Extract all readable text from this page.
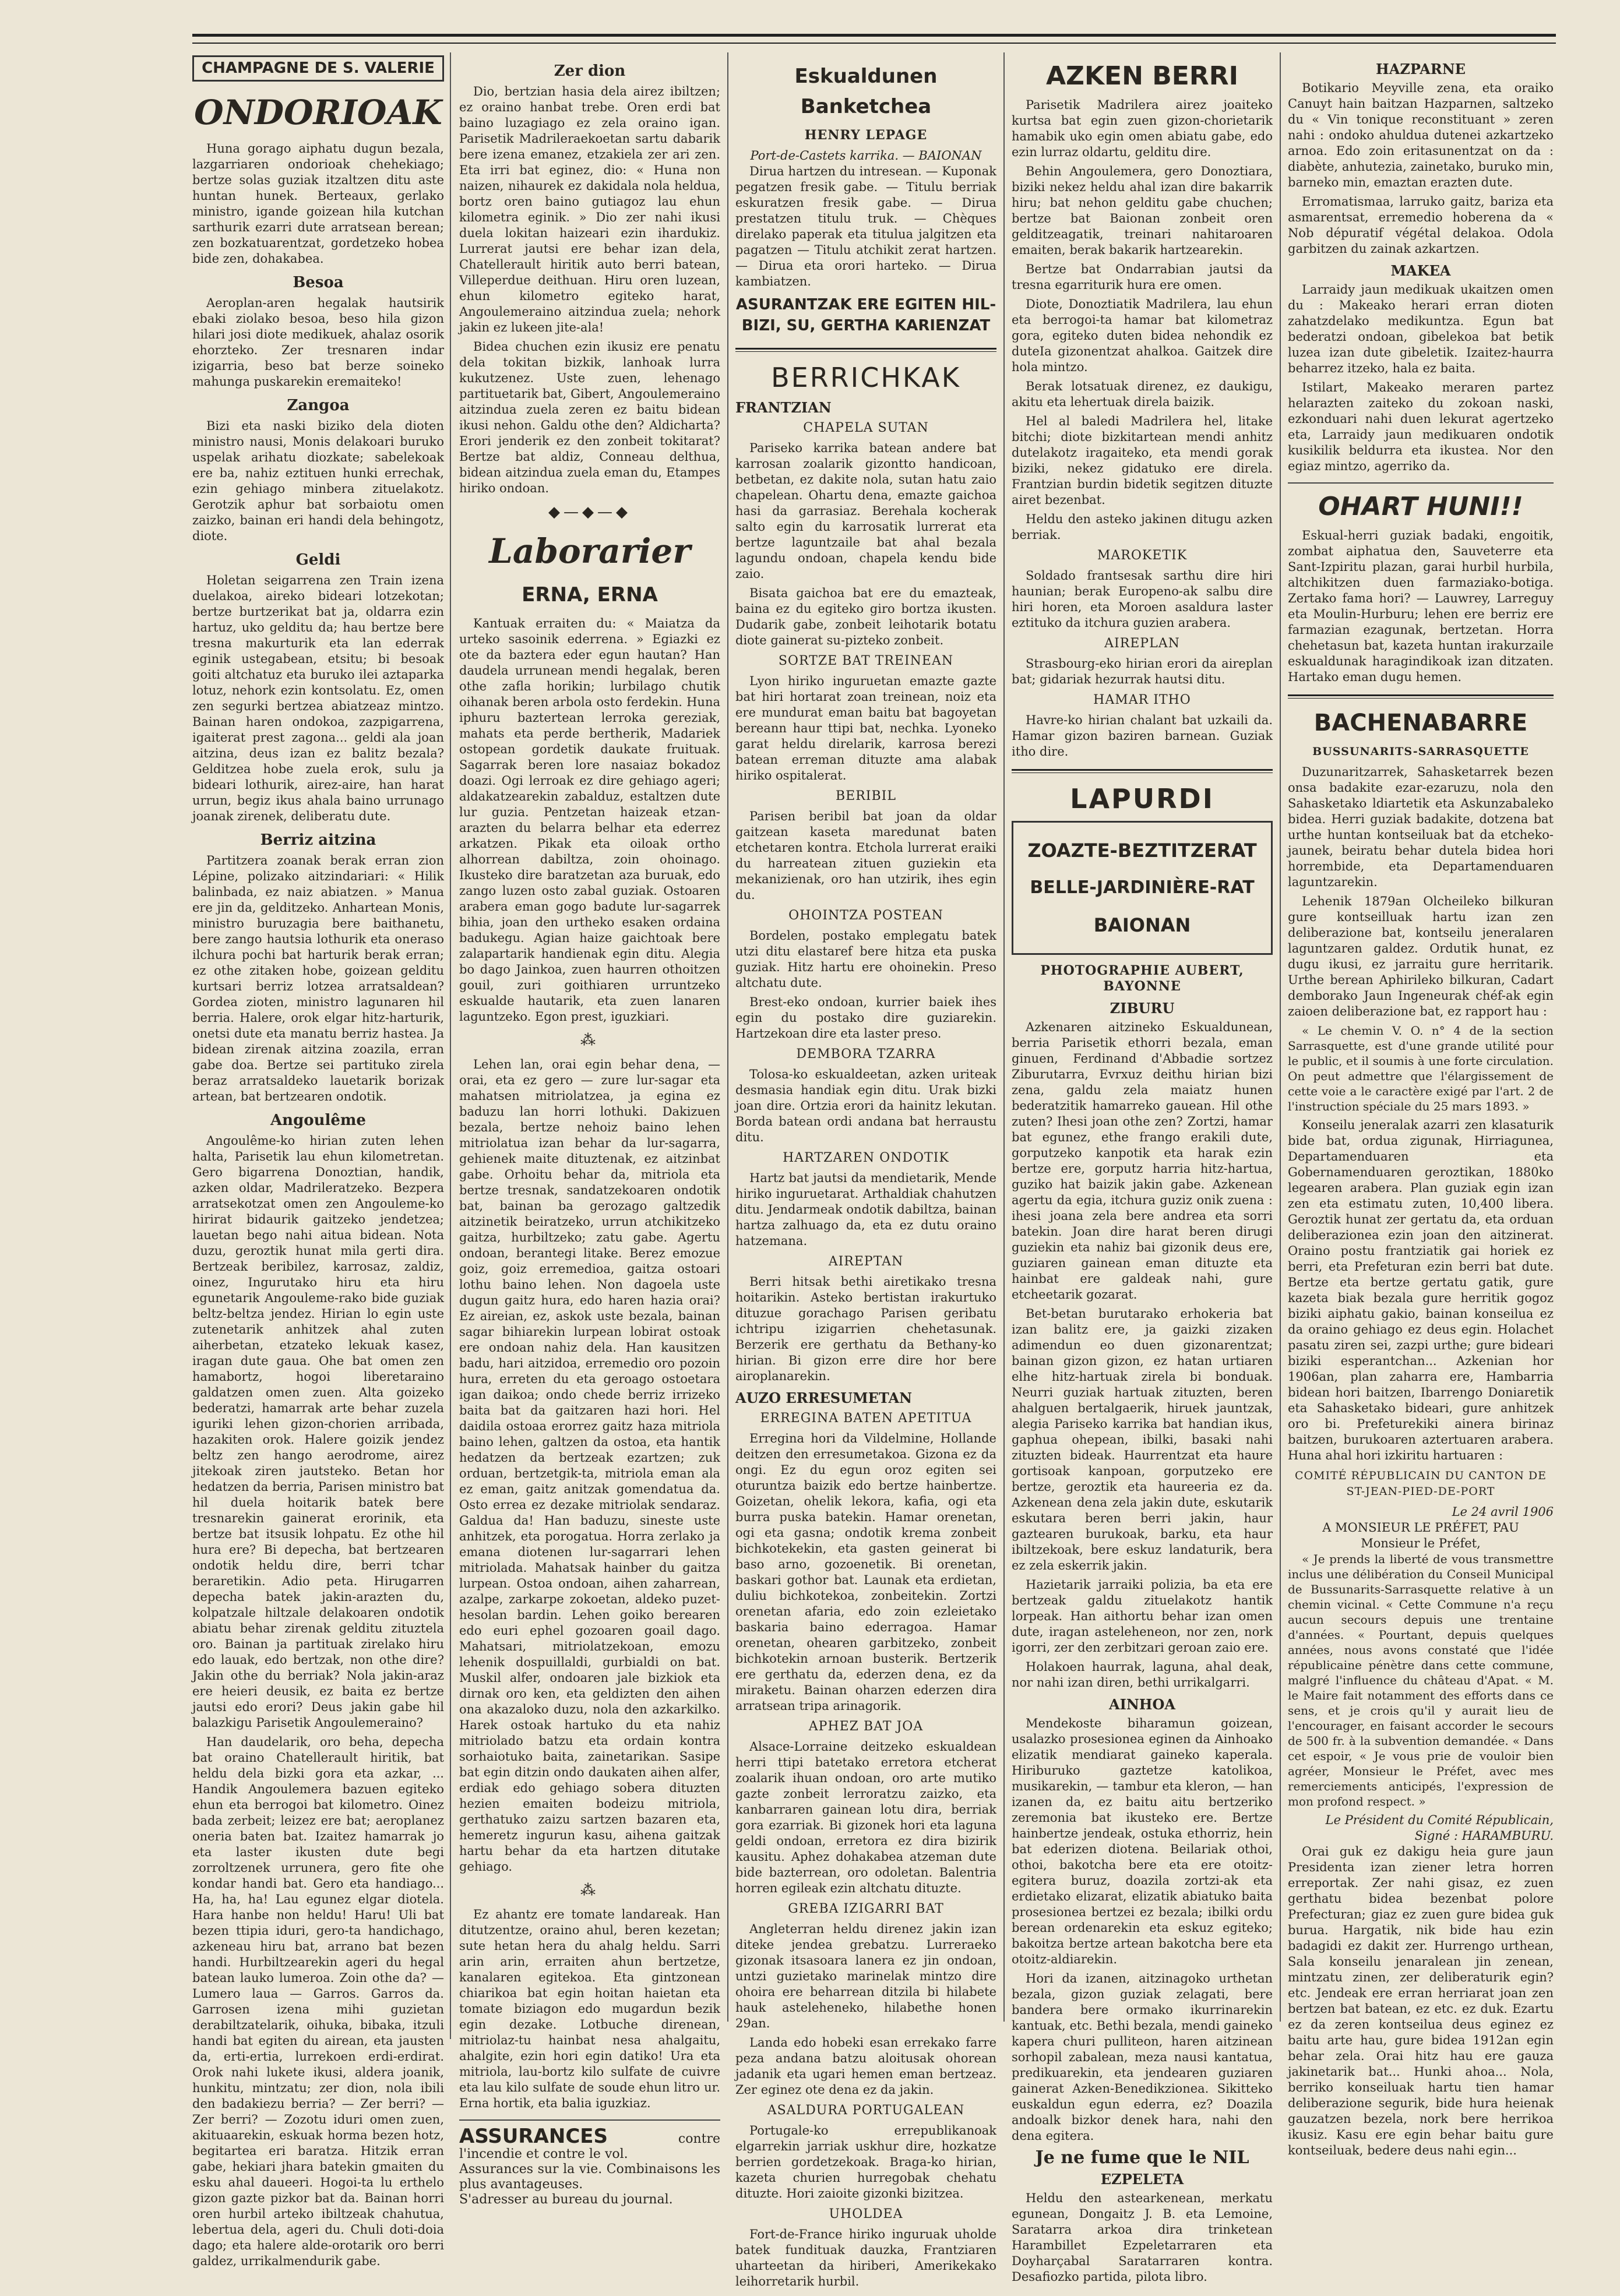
CHAMPAGNE DE S. VALERIE
ONDORIOAK

Huna gorago aiphatu dugun bezala, lazgarriaren ondorioak chehekiago; bertze solas guziak itzaltzen ditu aste huntan hunek. Berteaux, gerlako ministro, igande goizean hila kutchan sarthurik ezarri dute arratsean berean; zen bozkatuarentzat, gordetzeko hobea bide zen, dohakabea.

Besoa

Aeroplan-aren hegalak hautsirik ebaki ziolako besoa, beso hila gizon hilari josi diote medikuek, ahalaz osorik ehorzteko. Zer tresnaren indar izigarria, beso bat berze soineko mahunga puskarekin eremaiteko!

Zangoa

Bizi eta naski biziko dela dioten ministro nausi, Monis delakoari buruko uspelak arihatu diozkate; sabelekoak ere ba, nahiz eztituen hunki errechak, ezin gehiago minbera zituelakotz. Gerotzik aphur bat sorbaiotu omen zaizko, bainan eri handi dela behingotz, diote.

Geldi

Holetan seigarrena zen Train izena duelakoa, aireko bideari lotzekotan; bertze burtzerikat bat ja, oldarra ezin hartuz, uko gelditu da; hau bertze bere tresna makurturik eta lan ederrak eginik ustegabean, etsitu; bi besoak goiti altchatuz eta buruko ilei aztaparka lotuz, nehork ezin kontsolatu. Ez, omen zen segurki bertzea abiatzeaz mintzo. Bainan haren ondokoa, zazpigarrena, igaiterat prest zagona... geldi ala joan aitzina, deus izan ez balitz bezala? Gelditzea hobe zuela erok, sulu ja bideari lothurik, airez-aire, han harat urrun, begiz ikus ahala baino urrunago joanak zirenek, deliberatu dute.

Berriz aitzina

Partitzera zoanak berak erran zion Lépine, polizako aitzindariari: « Hilik balinbada, ez naiz abiatzen. » Manua ere jin da, gelditzeko. Anhartean Monis, ministro buruzagia bere baithanetu, bere zango hautsia lothurik eta oneraso ilchura pochi bat harturik berak erran; ez othe zitaken hobe, goizean gelditu kurtsari berriz lotzea arratsaldean? Gordea zioten, ministro lagunaren hil berria. Halere, orok elgar hitz-harturik, onetsi dute eta manatu berriz hastea. Ja bidean zirenak aitzina zoazila, erran gabe doa. Bertze sei partituko zirela beraz arratsaldeko lauetarik borizak artean, bat bertzearen ondotik.

Angoulême

Angoulême-ko hirian zuten lehen halta, Parisetik lau ehun kilometretan. Gero bigarrena Donoztian, handik, azken oldar, Madrileratzeko. Bezpera arratsekotzat omen zen Angouleme-ko hirirat bidaurik gaitzeko jendetzea; lauetan bego nahi aitua bidean. Nota duzu, geroztik hunat mila gerti dira. Bertzeak beribilez, karrosaz, zaldiz, oinez, Ingurutako hiru eta hiru egunetarik Angouleme-rako bide guziak beltz-beltza jendez. Hirian lo egin uste zutenetarik anhitzek ahal zuten aiherbetan, etzateko lekuak kasez, iragan dute gaua. Ohe bat omen zen hamabortz, hogoi liberetaraino galdatzen omen zuen. Alta goizeko bederatzi, hamarrak arte behar zuzela iguriki lehen gizon-chorien arribada, hazakiten orok. Halere goizik jendez beltz zen hango aerodrome, airez jitekoak ziren jautsteko. Betan hor hedatzen da berria, Parisen ministro bat hil duela hoitarik batek bere tresnarekin gainerat erorinik, eta bertze bat itsusik lohpatu. Ez othe hil hura ere? Bi depecha, bat bertzearen ondotik heldu dire, berri tchar beraretikin. Adio peta. Hirugarren depecha batek jakin-arazten du, kolpatzale hiltzale delakoaren ondotik abiatu behar zirenak gelditu zituztela oro. Bainan ja partituak zirelako hiru edo lauak, edo bertzak, non othe dire? Jakin othe du berriak? Nola jakin-araz ere heieri deusik, ez baita ez bertze jautsi edo erori? Deus jakin gabe hil balazkigu Parisetik Angoulemeraino?

Han daudelarik, oro beha, depecha bat oraino Chatellerault hiritik, bat heldu dela bizki gora eta azkar, ... Handik Angoulemera bazuen egiteko ehun eta berrogoi bat kilometro. Oinez bada zerbeit; leizez ere bat; aeroplanez oneria baten bat. Izaitez hamarrak jo eta laster ikusten dute begi zorroltzenek urrunera, gero fite ohe kondar handi bat. Gero eta handiago... Ha, ha, ha! Lau egunez elgar diotela. Hara hanbe non heldu! Haru! Uli bat bezen ttipia iduri, gero-ta handichago, azkeneau hiru bat, arrano bat bezen handi. Hurbiltzearekin ageri du hegal batean lauko lumeroa. Zoin othe da? — Lumero laua — Garros. Garros da. Garrosen izena mihi guzietan derabiltzatelarik, oihuka, bibaka, itzuli handi bat egiten du airean, eta jausten da, erti-ertia, lurrekoen erdi-erdirat. Orok nahi lukete ikusi, aldera joanik, hunkitu, mintzatu; zer dion, nola ibili den badakiezu berria? — Zer berri? — Zer berri? — Zozotu iduri omen zuen, akituaarekin, eskuak horma bezen hotz, begitartea eri baratza. Hitzik erran gabe, hekiari jhara batekin gmaiten du esku ahal daueeri. Hogoi-ta lu erthelo gizon gazte pizkor bat da. Bainan horri oren hurbil arteko ibiltzeak chahutua, lebertua dela, ageri du. Chuli doti-doia dago; eta halere alde-orotarik oro berri galdez, urrikalmendurik gabe.

Zer dion

Dio, bertzian hasia dela airez ibiltzen; ez oraino hanbat trebe. Oren erdi bat baino luzagiago ez zela oraino igan. Parisetik Madrileraekoetan sartu dabarik bere izena emanez, etzakiela zer ari zen. Eta irri bat eginez, dio: « Huna non naizen, nihaurek ez dakidala nola heldua, bortz oren baino gutiagoz lau ehun kilometra eginik. » Dio zer nahi ikusi duela lokitan haizeari ezin ihardukiz. Lurrerat jautsi ere behar izan dela, Chatellerault hiritik auto berri batean, Villeperdue deithuan. Hiru oren luzean, ehun kilometro egiteko harat, Angoulemeraino aitzindua zuela; nehork jakin ez lukeen jite-ala!

Bidea chuchen ezin ikusiz ere penatu dela tokitan bizkik, lanhoak lurra kukutzenez. Uste zuen, lehenago partituetarik bat, Gibert, Angoulemeraino aitzindua zuela zeren ez baitu bidean ikusi nehon. Galdu othe den? Aldicharta? Erori jenderik ez den zonbeit tokitarat? Bertze bat aldiz, Conneau delthua, bidean aitzindua zuela eman du, Etampes hiriko ondoan.

◆—◆—◆
Laborarier
ERNA, ERNA

Kantuak erraiten du: « Maiatza da urteko sasoinik ederrena. » Egiazki ez ote da baztera eder egun hautan? Han daudela urrunean mendi hegalak, beren othe zafla horikin; lurbilago chutik oihanak beren arbola osto ferdekin. Huna iphuru baztertean lerroka gereziak, mahats eta perde bertherik, Madariek ostopean gordetik daukate fruituak. Sagarrak beren lore nasaiaz bokadoz doazi. Ogi lerroak ez dire gehiago ageri; aldakatzearekin zabalduz, estaltzen dute lur guzia. Pentzetan haizeak etzan-arazten du belarra belhar eta ederrez arkatzen. Pikak eta oiloak ortho alhorrean dabiltza, zoin ohoinago. Ikusteko dire baratzetan aza buruak, edo zango luzen osto zabal guziak. Ostoaren arabera eman gogo badute lur-sagarrek bihia, joan den urtheko esaken ordaina badukegu. Agian haize gaichtoak bere zalapartarik handienak egin ditu. Alegia bo dago Jainkoa, zuen haurren othoitzen gouil, zuri goithiaren urruntzeko eskualde hautarik, eta zuen lanaren laguntzeko. Egon prest, iguzkiari.

⁂

Lehen lan, orai egin behar dena, — orai, eta ez gero — zure lur-sagar eta mahatsen mitriolatzea, ja egina ez baduzu lan horri lothuki. Dakizuen bezala, bertze nehoiz baino lehen mitriolatua izan behar da lur-sagarra, gehienek maite dituztenak, ez aitzinbat gabe. Orhoitu behar da, mitriola eta bertze tresnak, sandatzekoaren ondotik bat, bainan ba gerozago galtzedik aitzinetik beiratzeko, urrun atchikitzeko gaitza, hurbiltzeko; zatu gabe. Agertu ondoan, berantegi litake. Berez emozue goiz, goiz erremedioa, gaitza ostoari lothu baino lehen. Non dagoela uste dugun gaitz hura, edo haren hazia orai? Ez aireian, ez, askok uste bezala, bainan sagar bihiarekin lurpean lobirat ostoak ere ondoan nahiz dela. Han kausitzen badu, hari aitzidoa, erremedio oro pozoin hura, erreten du eta geroago ostoetara igan daikoa; ondo chede berriz irrizeko baita bat da gaitzaren hazi hori. Hel daidila ostoaa erorrez gaitz haza mitriola baino lehen, galtzen da ostoa, eta hantik hedatzen da bertzeak ezartzen; zuk orduan, bertzetgik-ta, mitriola eman ala ez eman, gaitz anitzak gomendatua da. Osto errea ez dezake mitriolak sendaraz. Galdua da! Han baduzu, sineste uste anhitzek, eta porogatua. Horra zerlako ja emana diotenen lur-sagarrari lehen mitriolada. Mahatsak hainber du gaitza lurpean. Ostoa ondoan, aihen zaharrean, azalpe, zarkarpe zokoetan, aldeko puzet-hesolan bardin. Lehen goiko berearen edo euri ephel gozoaren goail dago. Mahatsari, mitriolatzekoan, emozu lehenik dospuillaldi, gurbialdi on bat. Muskil alfer, ondoaren jale bizkiok eta dirnak oro ken, eta geldizten den aihen ona akazaloko duzu, nola den azkarkilko. Harek ostoak hartuko du eta nahiz mitriolado batzu eta ordain kontra sorhaiotuko baita, zainetarikan. Sasipe bat egin ditzin ondo daukaten aihen alfer, erdiak edo gehiago sobera dituzten hezien emaiten bodeizu mitriola, gerthatuko zaizu sartzen bazaren eta, hemeretz ingurun kasu, aihena gaitzak hartu behar da eta hartzen ditutake gehiago.

⁂

Ez ahantz ere tomate landareak. Han ditutzentze, oraino ahul, beren kezetan; sute hetan hera du ahalg heldu. Sarri arin arin, erraiten ahun bertzetze, kanalaren egitekoa. Eta gintzonean chiarikoa bat egin hoitan haietan eta tomate biziagon edo mugardun bezik egin dezake. Lotbuche direnean, mitriolaz-tu hainbat nesa ahalgaitu, ahalgite, ezin hori egin datiko! Ura eta mitriola, lau-bortz kilo sulfate de cuivre eta lau kilo sulfate de soude ehun litro ur. Erna hortik, eta balia iguzkiaz.

ASSURANCES	contre l'incendie et contre le vol.
Assurances sur la vie. Combinaisons les plus avantageuses.
S'adresser au bureau du journal.
Eskualdunen Banketchea
HENRY LEPAGE
Port-de-Castets karrika. — BAIONAN

Dirua hartzen du intresean. — Kuponak pegatzen fresik gabe. — Titulu berriak eskuratzen fresik gabe. — Dirua prestatzen titulu truk. — Chèques direlako paperak eta titulua jalgitzen eta pagatzen — Titulu atchikit zerat hartzen. — Dirua eta orori harteko. — Dirua kambiatzen.

ASURANTZAK ERE EGITEN HIL-BIZI, SU, GERTHA KARIENZAT
BERRICHKAK
FRANTZIAN
CHAPELA SUTAN

Pariseko karrika batean andere bat karrosan zoalarik gizontto handicoan, betbetan, ez dakite nola, sutan hatu zaio chapelean. Ohartu dena, emazte gaichoa hasi da garrasiaz. Berehala kocherak salto egin du karrosatik lurrerat eta bertze laguntzaile bat ahal bezala lagundu ondoan, chapela kendu bide zaio.

Bisata gaichoa bat ere du emazteak, baina ez du egiteko giro bortza ikusten. Dudarik gabe, zonbeit leihotarik botatu diote gainerat su-pizteko zonbeit.

SORTZE BAT TREINEAN

Lyon hiriko inguruetan emazte gazte bat hiri hortarat zoan treinean, noiz eta ere mundurat eman baitu bat bagoyetan bereann haur ttipi bat, nechka. Lyoneko garat heldu direlarik, karrosa berezi batean erreman dituzte ama alabak hiriko ospitalerat.

BERIBIL

Parisen beribil bat joan da oldar gaitzean kaseta maredunat baten etchetaren kontra. Etchola lurrerat eraiki du harreatean zituen guziekin eta mekanizienak, oro han utzirik, ihes egin du.

OHOINTZA POSTEAN

Bordelen, postako emplegatu batek utzi ditu elastaref bere hitza eta puska guziak. Hitz hartu ere ohoinekin. Preso altchatu dute.

Brest-eko ondoan, kurrier baiek ihes egin du postako dire guziarekin. Hartzekoan dire eta laster preso.

DEMBORA TZARRA

Tolosa-ko eskualdeetan, azken uriteak desmasia handiak egin ditu. Urak bizki joan dire. Ortzia erori da hainitz lekutan. Borda batean ordi andana bat herraustu ditu.

HARTZAREN ONDOTIK

Hartz bat jautsi da mendietarik, Mende hiriko inguruetarat. Arthaldiak chahutzen ditu. Jendarmeak ondotik dabiltza, bainan hartza zalhuago da, eta ez dutu oraino hatzemana.

AIREPTAN

Berri hitsak bethi airetikako tresna hoitarikin. Asteko bertistan irakurtuko dituzue gorachago Parisen geribatu ichtripu izigarrien chehetasunak. Berzerik ere gerthatu da Bethany-ko hirian. Bi gizon erre dire hor bere airoplanarekin.

AUZO ERRESUMETAN
ERREGINA BATEN APETITUA

Erregina hori da Vildelmine, Hollande deitzen den erresumetakoa. Gizona ez da ongi. Ez du egun oroz egiten sei oturuntza baizik edo bertze hainbertze. Goizetan, ohelik lekora, kafia, ogi eta burra puska batekin. Hamar orenetan, ogi eta gasna; ondotik krema zonbeit bichkotekekin, eta gasten geinerat bi baso arno, gozoenetik. Bi orenetan, baskari gothor bat. Launak eta erdietan, duliu bichkotekoa, zonbeitekin. Zortzi orenetan afaria, edo zoin ezleietako baskaria baino ederragoa. Hamar orenetan, ohearen garbitzeko, zonbeit bichkotekin arnoan busterik. Bertzerik ere gerthatu da, ederzen dena, ez da miraketu. Bainan oharzen ederzen dira arratsean tripa arinagorik.

APHEZ BAT JOA

Alsace-Lorraine deitzeko eskualdean herri ttipi batetako erretora etcherat zoalarik ihuan ondoan, oro arte mutiko gazte zonbeit lerroratzu zaizko, eta kanbarraren gainean lotu dira, berriak gora ezarriak. Bi gizonek hori eta laguna geldi ondoan, erretora ez dira bizirik kausitu. Aphez dohakabea atzeman dute bide bazterrean, oro odoletan. Balentria horren egileak ezin altchatu dituzte.

GREBA IZIGARRI BAT

Angleterran heldu direnez jakin izan diteke jendea grebatzu. Lurreraeko gizonak itsasoara lanera ez jin ondoan, untzi guzietako marinelak mintzo dire ohoira ere beharrean ditzila bi hilabete hauk asteleheneko, hilabethe honen 29an.

Landa edo hobeki esan errekako farre peza andana batzu aloitusak ohorean jadanik eta ugari hemen eman bertzeaz. Zer eginez ote dena ez da jakin.

ASALDURA PORTUGALEAN

Portugale-ko errepublikanoak elgarrekin jarriak uskhur dire, hozkatze berrien gordetzekoak. Braga-ko hirian, kazeta churien hurregobak chehatu dituzte. Hori zaioite gizonki bizitzea.

UHOLDEA

Fort-de-France hiriko inguruak uholde batek fundituak dauzka, Frantziaren uharteetan da hiriberi, Amerikekako leihorretarik hurbil.

AZKEN BERRI

Parisetik Madrilera airez joaiteko kurtsa bat egin zuen gizon-chorietarik hamabik uko egin omen abiatu gabe, edo ezin lurraz oldartu, gelditu dire.

Behin Angoulemera, gero Donoztiara, biziki nekez heldu ahal izan dire bakarrik hiru; bat nehon gelditu gabe chuchen; bertze bat Baionan zonbeit oren gelditzeagatik, treinari nahitaroaren emaiten, berak bakarik hartzearekin.

Bertze bat Ondarrabian jautsi da tresna egarriturik hura ere omen.

Diote, Donoztiatik Madrilera, lau ehun eta berrogoi-ta hamar bat kilometraz gora, egiteko duten bidea nehondik ez duteIa gizonentzat ahalkoa. Gaitzek dire hola mintzo.

Berak lotsatuak direnez, ez daukigu, akitu eta lehertuak direla baizik.

Hel al baledi Madrilera hel, litake bitchi; diote bizkitartean mendi anhitz dutelakotz iragaiteko, eta mendi gorak biziki, nekez gidatuko ere direla. Frantzian burdin bidetik segitzen dituzte airet bezenbat.

Heldu den asteko jakinen ditugu azken berriak.

MAROKETIK

Soldado frantsesak sarthu dire hiri haunian; berak Europeno-ak salbu dire hiri horen, eta Moroen asaldura laster eztituko da itchura guzien arabera.

AIREPLAN

Strasbourg-eko hirian erori da aireplan bat; gidariak hezurrak hautsi ditu.

HAMAR ITHO

Havre-ko hirian chalant bat uzkaili da. Hamar gizon baziren barnean. Guziak itho dire.

LAPURDI
ZOAZTE-BEZTITZERAT
BELLE-JARDINIÈRE-RAT
BAIONAN
PHOTOGRAPHIE AUBERT, BAYONNE
ZIBURU

Azkenaren aitzineko Eskualdunean, berria Parisetik ethorri bezala, eman ginuen, Ferdinand d'Abbadie sortzez Ziburutarra, Evrxuz deithu hirian bizi zena, galdu zela maiatz hunen bederatzitik hamarreko gauean. Hil othe zuten? Ihesi joan othe zen? Zortzi, hamar bat egunez, ethe frango erakili dute, gorputzeko kanpotik eta harak ezin bertze ere, gorputz harria hitz-hartua, guziko hat baizik jakin gabe. Azkenean agertu da egia, itchura guziz onik zuena : ihesi joana zela bere andrea eta sorri batekin. Joan dire harat beren dirugi guziekin eta nahiz bai gizonik deus ere, guziaren gainean eman dituzte eta hainbat ere galdeak nahi, gure etcheetarik gozarat.

Bet-betan burutarako erhokeria bat izan balitz ere, ja gaizki zizaken adimendun eo duen gizonarentzat; bainan gizon gizon, ez hatan urtiaren elhe hitz-hartuak zirela bi bonduak. Neurri guziak hartuak zituzten, beren ahalguen bertalgaerik, hiruek jauntzak, alegia Pariseko karrika bat handian ikus, gaphua ohepean, ibilki, basaki nahi zituzten bideak. Haurrentzat eta haure gortisoak kanpoan, gorputzeko ere bertze, geroztik eta haureeria ez da. Azkenean dena zela jakin dute, eskutarik eskutara beren berri jakin, haur gaztearen burukoak, barku, eta haur ibiltzekoak, bere eskuz landaturik, bera ez zela eskerrik jakin.

Hazietarik jarraiki polizia, ba eta ere bertzeak galdu zituelakotz hantik lorpeak. Han aithortu behar izan omen dute, iragan asteleheneon, nor zen, nork igorri, zer den zerbitzari geroan zaio ere.

Holakoen haurrak, laguna, ahal deak, nor nahi izan diren, bethi urrikalgarri.

AINHOA

Mendekoste biharamun goizean, usalazko prosesionea eginen da Ainhoako elizatik mendiarat gaineko kaperala. Hiriburuko gaztetze katolikoa, musikarekin, — tambur eta kleron, — han izanen da, ez baitu aitu bertzeriko zeremonia bat ikusteko ere. Bertze hainbertze jendeak, ostuka ethorriz, hein bat ederizen diotena. Beilariak othoi, othoi, bakotcha bere eta ere otoitz-egitera buruz, doazila zortzi-ak eta erdietako elizarat, elizatik abiatuko baita prosesionea bertzei ez bezala; ibilki ordu berean ordenarekin eta eskuz egiteko; bakoitza bertze artean bakotcha bere eta otoitz-aldiarekin.

Hori da izanen, aitzinagoko urthetan bezala, gizon guziak zelagati, bere bandera bere ormako ikurrinarekin kantuak, etc. Bethi bezala, mendi gaineko kapera churi pulliteon, haren aitzinean sorhopil zabalean, meza nausi kantatua, predikuarekin, eta jendearen guziaren gainerat Azken-Benedikzionea. Sikitteko euskaldun egun ederra, ez? Doazila andoalk bizkor denek hara, nahi den dena egitera.

Je ne fume que le NIL
EZPELETA

Heldu den astearkenean, merkatu egunean, Dongaitz J. B. eta Lemoine, Saratarra arkoa dira trinketean Harambillet Ezpeletarraren eta Doyharçabal Saratarraren kontra. Desafiozko partida, pilota libro.

HAZPARNE

Botikario Meyville zena, eta oraiko Canuyt hain baitzan Hazparnen, saltzeko du « Vin tonique reconstituant » zeren nahi : ondoko ahuldua dutenei azkartzeko arnoa. Edo zoin eritasunentzat on da : diabète, anhutezia, zainetako, buruko min, barneko min, emaztan erazten dute.

Erromatismaa, larruko gaitz, bariza eta asmarentsat, erremedio hoberena da « Nob dépuratif végétal delakoa. Odola garbitzen du zainak azkartzen.

MAKEA

Larraidy jaun medikuak ukaitzen omen du : Makeako herari erran dioten zahatzdelako medikuntza. Egun bat bederatzi ondoan, gibelekoa bat betik luzea izan dute gibeletik. Izaitez-haurra beharrez itzeko, hala ez baita.

Istilart, Makeako meraren partez helarazten zaiteko du zokoan naski, ezkonduari nahi duen lekurat agertzeko eta, Larraidy jaun medikuaren ondotik kusikilik beldurra eta ikustea. Nor den egiaz mintzo, agerriko da.

OHART HUNI!!

Eskual-herri guziak badaki, engoitik, zombat aiphatua den, Sauveterre eta Sant-Izpiritu plazan, garai hurbil hurbila, altchikitzen duen farmaziako-botiga. Zertako fama hori? — Lauwrey, Larreguy eta Moulin-Hurburu; lehen ere berriz ere farmazian ezagunak, bertzetan. Horra chehetasun bat, kazeta huntan irakurzaile eskualdunak haragindikoak izan ditzaten. Hartako eman dugu hemen.

BACHENABARRE
BUSSUNARITS-SARRASQUETTE

Duzunaritzarrek, Sahasketarrek bezen onsa badakite ezar-ezaruzu, nola den Sahasketako ldiartetik eta Askunzabaleko bidea. Herri guziak badakite, dotzena bat urthe huntan kontseiluak bat da etcheko-jaunek, beiratu behar dutela bidea hori horrembide, eta Departamenduaren laguntzarekin.

Lehenik 1879an Olcheileko bilkuran gure kontseilluak hartu izan zen deliberazione bat, kontseilu jeneralaren laguntzaren galdez. Ordutik hunat, ez dugu ikusi, ez jarraitu gure herritarik. Urthe berean Aphirileko bilkuran, Cadart demborako Jaun Ingeneurak chéf-ak egin zaioen deliberazione bat, ez rapport hau :

« Le chemin V. O. n° 4 de la section Sarrasquette, est d'une grande utilité pour le public, et il soumis à une forte circulation. On peut admettre que l'élargissement de cette voie a le caractère exigé par l'art. 2 de l'instruction spéciale du 25 mars 1893. »

Konseilu jeneralak azarri zen klasaturik bide bat, ordua zigunak, Hirriagunea, Departamenduaren eta Gobernamenduaren geroztikan, 1880ko legearen arabera. Plan guziak egin izan zen eta estimatu zuten, 10,400 libera. Geroztik hunat zer gertatu da, eta orduan deliberazionea ezin joan den aitzinerat. Oraino postu frantziatik gai horiek ez berri, eta Prefeturan ezin berri bat dute. Bertze eta bertze gertatu gatik, gure kazeta biak bezala gure herritik gogoz biziki aiphatu gakio, bainan konseilua ez da oraino gehiago ez deus egin. Holachet pasatu ziren sei, zazpi urthe; gure bideari biziki esperantchan... Azkenian hor 1906an, plan zaharra ere, Hambarria bidean hori baitzen, Ibarrengo Doniaretik eta Sahasketako bideari, gure anhitzek oro bi. Prefeturekiki ainera birinaz baitzen, burukoaren aztertuaren arabera. Huna ahal hori izkiritu hartuaren :

COMITÉ RÉPUBLICAIN DU CANTON DE ST-JEAN-PIED-DE-PORT
Le 24 avril 1906
A MONSIEUR LE PRÉFET, PAU
Monsieur le Préfet,

« Je prends la liberté de vous transmettre inclus une délibération du Conseil Municipal de Bussunarits-Sarrasquette relative à un chemin vicinal. « Cette Commune n'a reçu aucun secours depuis une trentaine d'années. « Pourtant, depuis quelques années, nous avons constaté que l'idée républicaine pénètre dans cette commune, malgré l'influence du château d'Apat. « M. le Maire fait notamment des efforts dans ce sens, et je crois qu'il y aurait lieu de l'encourager, en faisant accorder le secours de 500 fr. à la subvention demandée. « Dans cet espoir, « Je vous prie de vouloir bien agréer, Monsieur le Préfet, avec mes remerciements anticipés, l'expression de mon profond respect. »

Le Président du Comité Républicain,
Signé : HARAMBURU.

Orai guk ez dakigu heia gure jaun Presidenta izan ziener letra horren erreportak. Zer nahi gisaz, ez zuen gerthatu bidea bezenbat polore Prefecturan; giaz ez zuen gure bidea guk burua. Hargatik, nik bide hau ezin badagidi ez dakit zer. Hurrengo urthean, Sala konseilu jenaralean jin zenean, mintzatu zinen, zer deliberaturik egin? etc. Jendeak ere erran herriarat joan zen bertzen bat batean, ez etc. ez duk. Ezartu ez da zeren kontseilua deus eginez ez baitu arte hau, gure bidea 1912an egin behar zela. Orai hitz hau ere gauza jakinetarik bat... Hunki ahoa... Nola, berriko konseiluak hartu tien hamar deliberazione segurik, bide hura heienak gauzatzen bezela, nork bere herrikoa ikusiz. Kasu ere egin behar baitu gure kontseiluak, bedere deus nahi egin...
